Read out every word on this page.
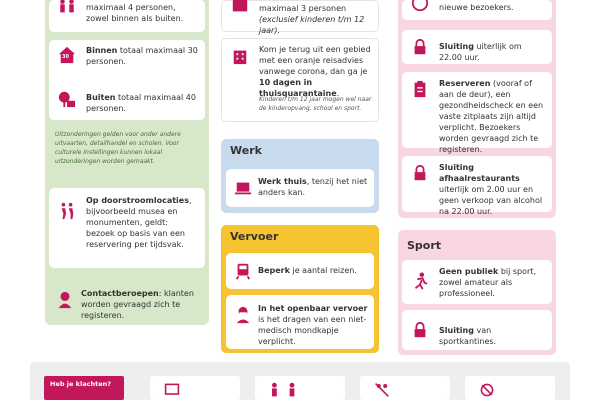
maximaal 4 personen, zowel binnen als buiten.
30
Binnen totaal maximaal 30 personen.
Buiten totaal maximaal 40 personen.
Uitzonderingen gelden voor onder andere uitvaarten, detailhandel en scholen. Voor culturele instellingen kunnen lokaal uitzonderingen worden gemaakt.
Op doorstroomlocaties, bijvoorbeeld musea en monumenten, geldt: bezoek op basis van een reservering per tijdsvak.
Contactberoepen: klanten worden gevraagd zich te registeren.
maximaal 3 personen (exclusief kinderen t/m 12 jaar).
Kom je terug uit een gebied met een oranje reisadvies vanwege corona, dan ga je 10 dagen in thuisquarantaine.
Kinderen t/m 12 jaar mogen wel naar de kinderopvang, school en sport.
Werk
Werk thuis, tenzij het niet anders kan.
Vervoer
Beperk je aantal reizen.
In het openbaar vervoer is het dragen van een niet-medisch mondkapje verplicht.
nieuwe bezoekers.
Sluiting uiterlijk om 22.00 uur.
Reserveren (vooraf of aan de deur), een gezondheidscheck en een vaste zitplaats zijn altijd verplicht. Bezoekers worden gevraagd zich te registeren.
Sluiting afhaalrestaurants uiterlijk om 2.00 uur en geen verkoop van alcohol na 22.00 uur.
Sport
Geen publiek bij sport, zowel amateur als professioneel.
Sluiting van sportkantines.
Heb je klachten?
